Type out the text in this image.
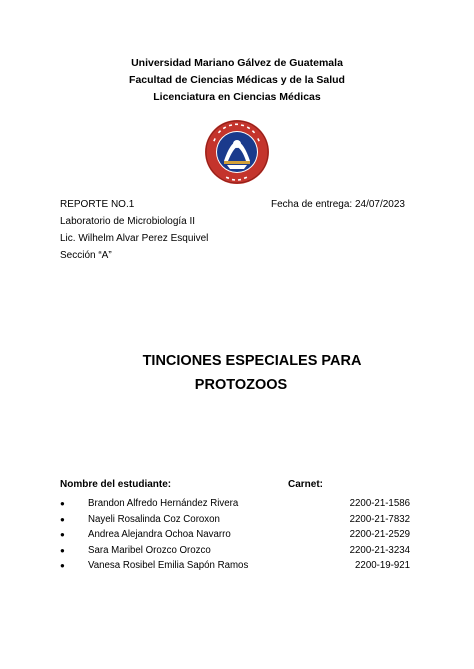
Universidad Mariano Gálvez de Guatemala
Facultad de Ciencias Médicas y de la Salud
Licenciatura en Ciencias Médicas
REPORTE NO.1
Laboratorio de Microbiología II
Lic. Wilhelm Alvar Perez Esquivel
Sección “A”
Fecha de entrega: 24/07/2023
TINCIONES ESPECIALES PARA
PROTOZOOS
Nombre del estudiante:	Carnet:
● Brandon Alfredo Hernández Rivera	2200-21-1586
● Nayeli Rosalinda Coz Coroxon	2200-21-7832
● Andrea Alejandra Ochoa Navarro	2200-21-2529
● Sara Maribel Orozco Orozco	2200-21-3234
● Vanesa Rosibel Emilia Sapón Ramos	2200-19-921
